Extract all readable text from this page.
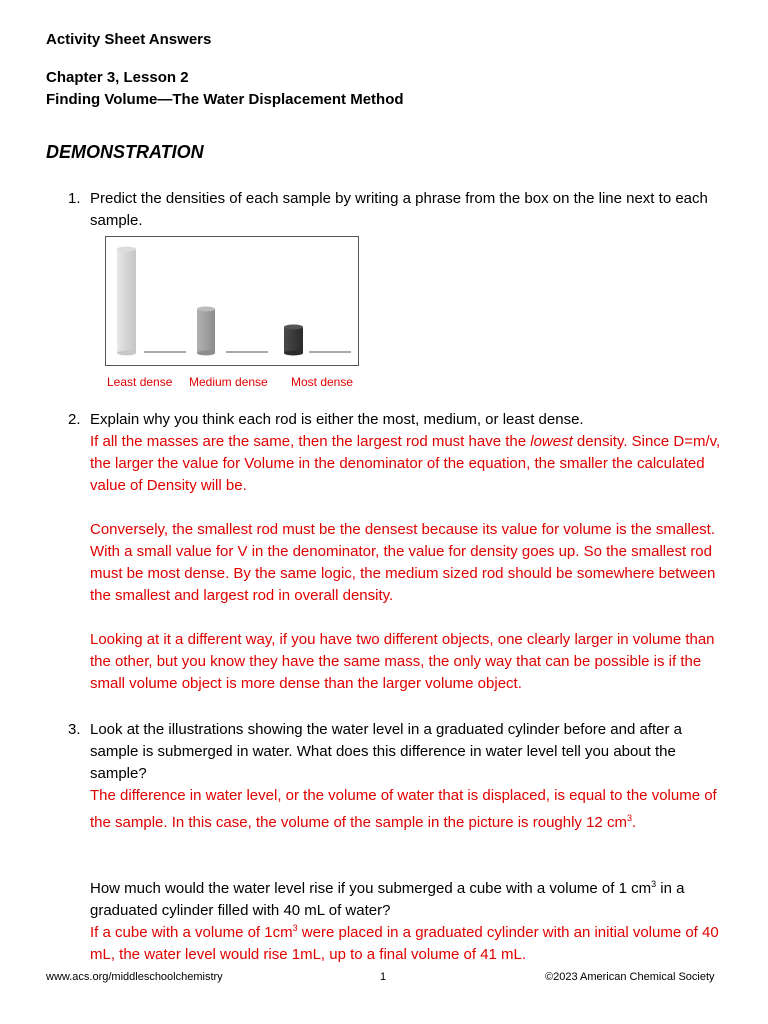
Activity Sheet Answers
Chapter 3, Lesson 2
Finding Volume—The Water Displacement Method
DEMONSTRATION
1. Predict the densities of each sample by writing a phrase from the box on the line next to each sample.
Least dense Medium dense Most dense
2. Explain why you think each rod is either the most, medium, or least dense.
If all the masses are the same, then the largest rod must have the lowest density. Since D=m/v, the larger the value for Volume in the denominator of the equation, the smaller the calculated value of Density will be.
Conversely, the smallest rod must be the densest because its value for volume is the smallest. With a small value for V in the denominator, the value for density goes up. So the smallest rod must be most dense. By the same logic, the medium sized rod should be somewhere between the smallest and largest rod in overall density.
Looking at it a different way, if you have two different objects, one clearly larger in volume than the other, but you know they have the same mass, the only way that can be possible is if the small volume object is more dense than the larger volume object.
3. Look at the illustrations showing the water level in a graduated cylinder before and after a sample is submerged in water. What does this difference in water level tell you about the sample?
The difference in water level, or the volume of water that is displaced, is equal to the volume of the sample. In this case, the volume of the sample in the picture is roughly 12 $cm^3$.
How much would the water level rise if you submerged a cube with a volume of 1 $cm^3$ in a graduated cylinder filled with 40 mL of water?
If a cube with a volume of $1cm^3$ were placed in a graduated cylinder with an initial volume of 40 mL, the water level would rise 1mL, up to a final volume of 41 mL.
www.acs.org/middleschoolchemistry	1	©2023 American Chemical Society
